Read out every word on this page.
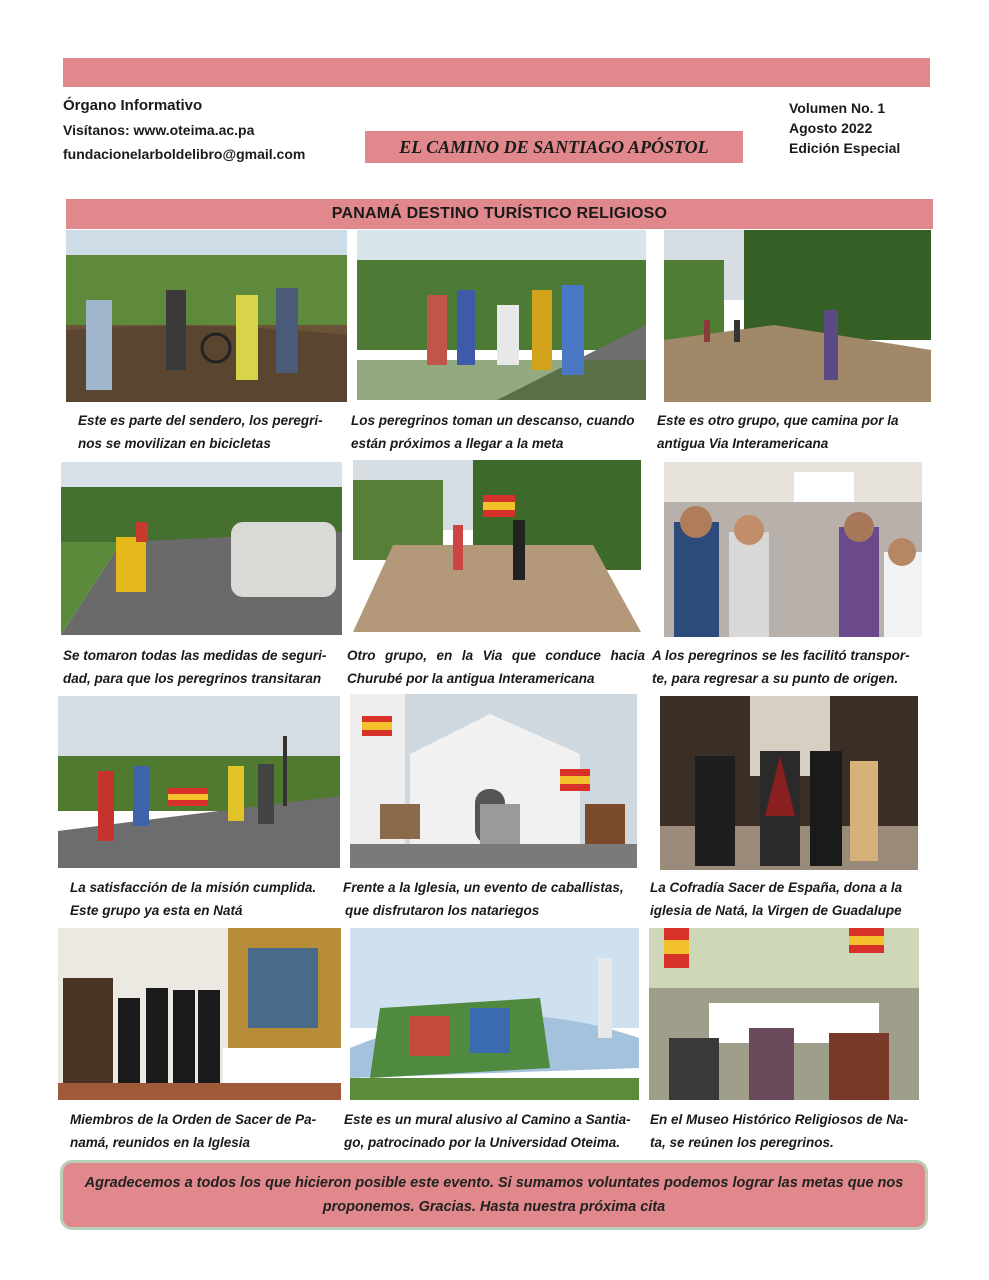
Órgano Informativo
Visítanos: www.oteima.ac.pa
fundacionelarboldelibro@gmail.com	EL CAMINO DE SANTIAGO APÓSTOL
Volumen No. 1
Agosto 2022
Edición Especial
PANAMÁ DESTINO TURÍSTICO RELIGIOSO
Este es parte del sendero, los peregri-
nos se movilizan en bicicletas
Los peregrinos toman un descanso, cuando
están próximos a llegar a la meta
Este es otro grupo, que camina por la
antigua Via Interamericana
Se tomaron todas las medidas de seguri-
dad, para que los peregrinos transitaran
Otro grupo, en la Via que conduce hacia
Churubé por la antigua Interamericana
A los peregrinos se les facilitó transpor-
te, para regresar a su punto de origen.
La satisfacción de la misión cumplida.
Este grupo ya esta en Natá
Frente a la Iglesia, un evento de caballistas,
que disfrutaron los natariegos
La Cofradía Sacer de España, dona a la
iglesia de Natá, la Virgen de Guadalupe
Miembros de la Orden de Sacer de Pa-
namá, reunidos en la Iglesia
Este es un mural alusivo al Camino a Santia-
go, patrocinado por la Universidad Oteima.
En el Museo Histórico Religiosos de Na-
ta, se reúnen los peregrinos.
Agradecemos a todos los que hicieron posible este evento. Si sumamos voluntates podemos lograr las metas que nos proponemos. Gracias. Hasta nuestra próxima cita
